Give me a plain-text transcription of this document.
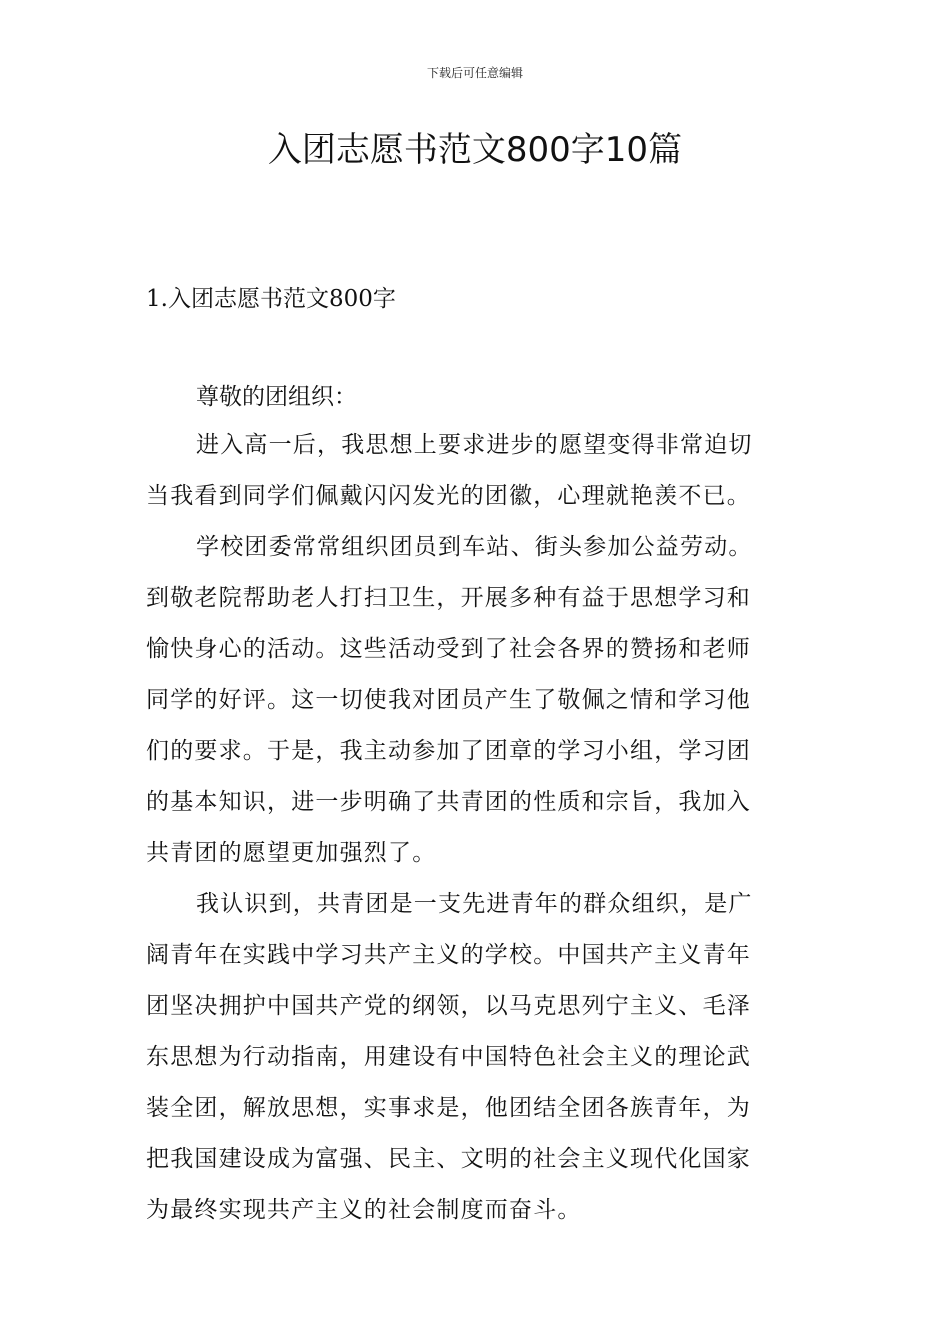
下载后可任意编辑
入团志愿书范文800字10篇
1.入团志愿书范文800字

尊敬的团组织：

进入高一后，我思想上要求进步的愿望变得非常迫切
当我看到同学们佩戴闪闪发光的团徽，心理就艳羡不已。

学校团委常常组织团员到车站、街头参加公益劳动。
到敬老院帮助老人打扫卫生，开展多种有益于思想学习和
愉快身心的活动。这些活动受到了社会各界的赞扬和老师
同学的好评。这一切使我对团员产生了敬佩之情和学习他
们的要求。于是，我主动参加了团章的学习小组，学习团
的基本知识，进一步明确了共青团的性质和宗旨，我加入
共青团的愿望更加强烈了。

我认识到，共青团是一支先进青年的群众组织，是广
阔青年在实践中学习共产主义的学校。中国共产主义青年
团坚决拥护中国共产党的纲领，以马克思列宁主义、毛泽
东思想为行动指南，用建设有中国特色社会主义的理论武
装全团，解放思想，实事求是，他团结全团各族青年，为
把我国建设成为富强、民主、文明的社会主义现代化国家
为最终实现共产主义的社会制度而奋斗。
